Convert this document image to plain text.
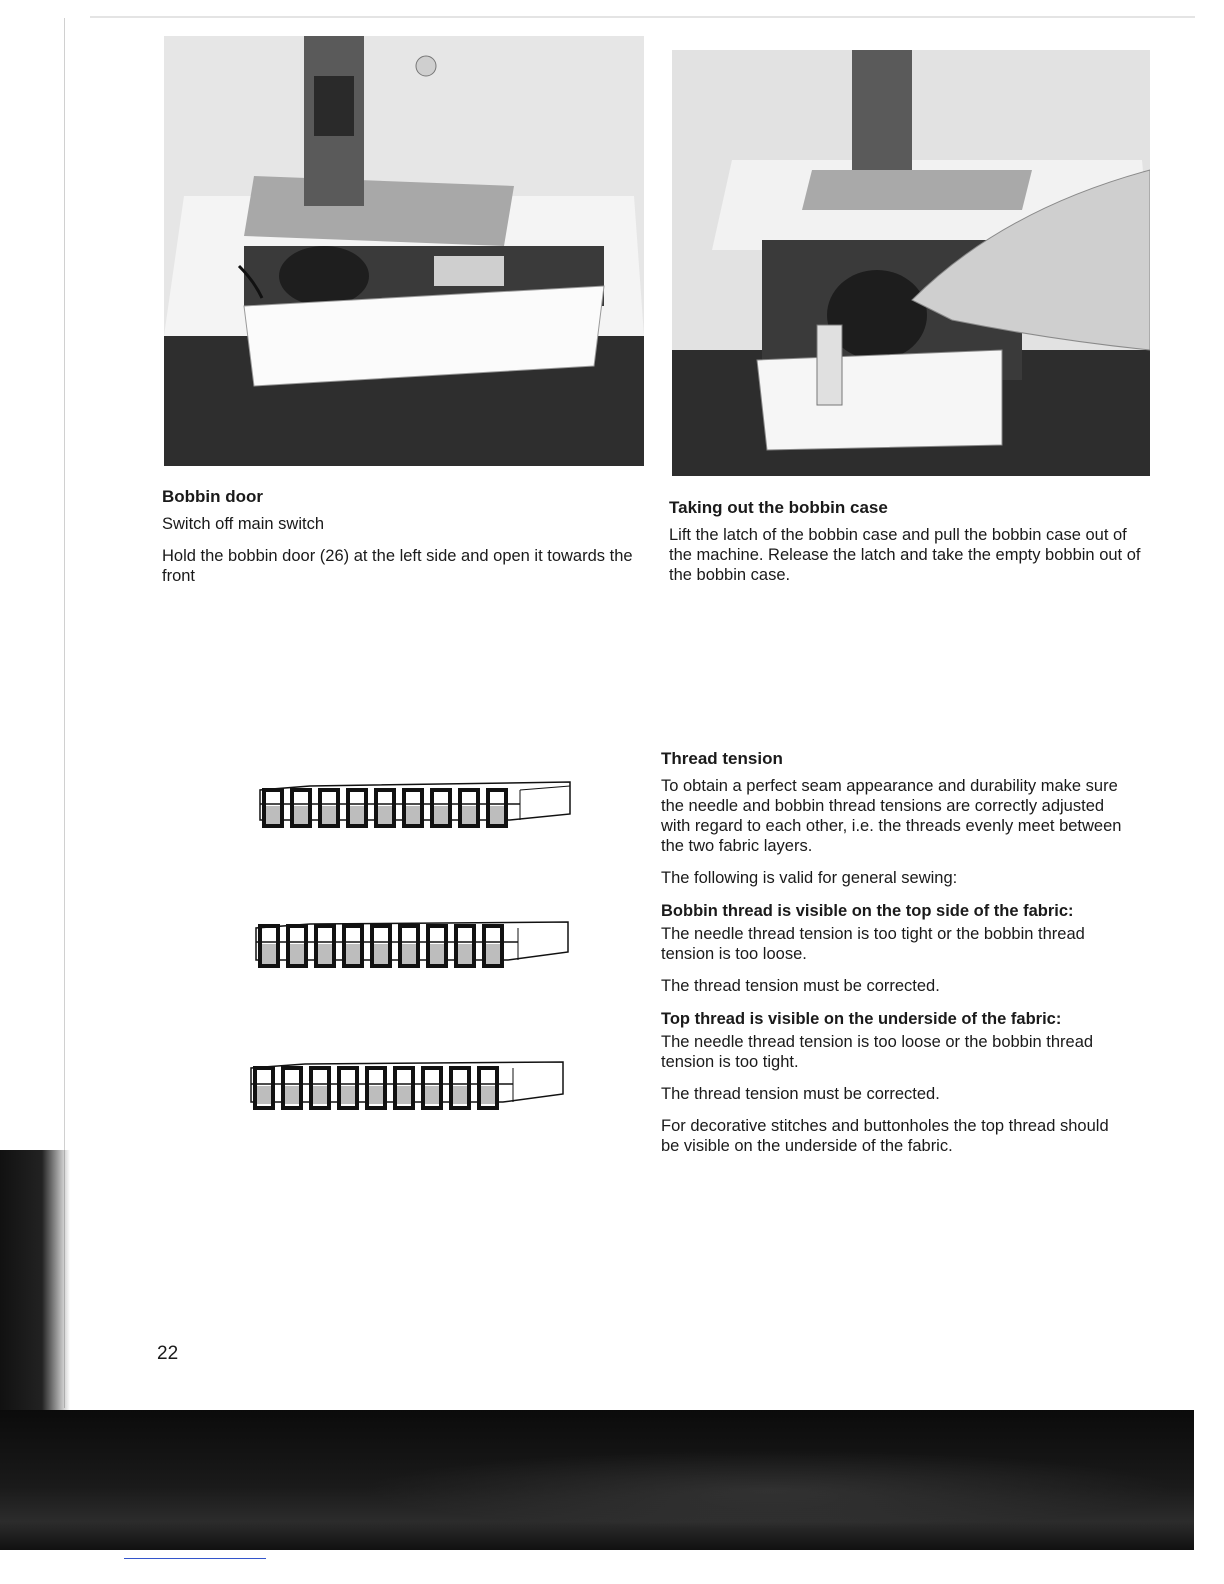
Bobbin door
Switch off main switch
Hold the bobbin door (26) at the left side and open it towards the front
Taking out the bobbin case
Lift the latch of the bobbin case and pull the bobbin case out of the machine. Release the latch and take the empty bobbin out of the bobbin case.
Thread tension
To obtain a perfect seam appearance and durability make sure the needle and bobbin thread tensions are correctly adjusted with regard to each other, i.e. the threads evenly meet between the two fabric layers.
The following is valid for general sewing:
Bobbin thread is visible on the top side of the fabric:
The needle thread tension is too tight or the bobbin thread tension is too loose.
The thread tension must be corrected.
Top thread is visible on the underside of the fabric:
The needle thread tension is too loose or the bobbin thread tension is too tight.
The thread tension must be corrected.
For decorative stitches and buttonholes the top thread should be visible on the underside of the fabric.
22
